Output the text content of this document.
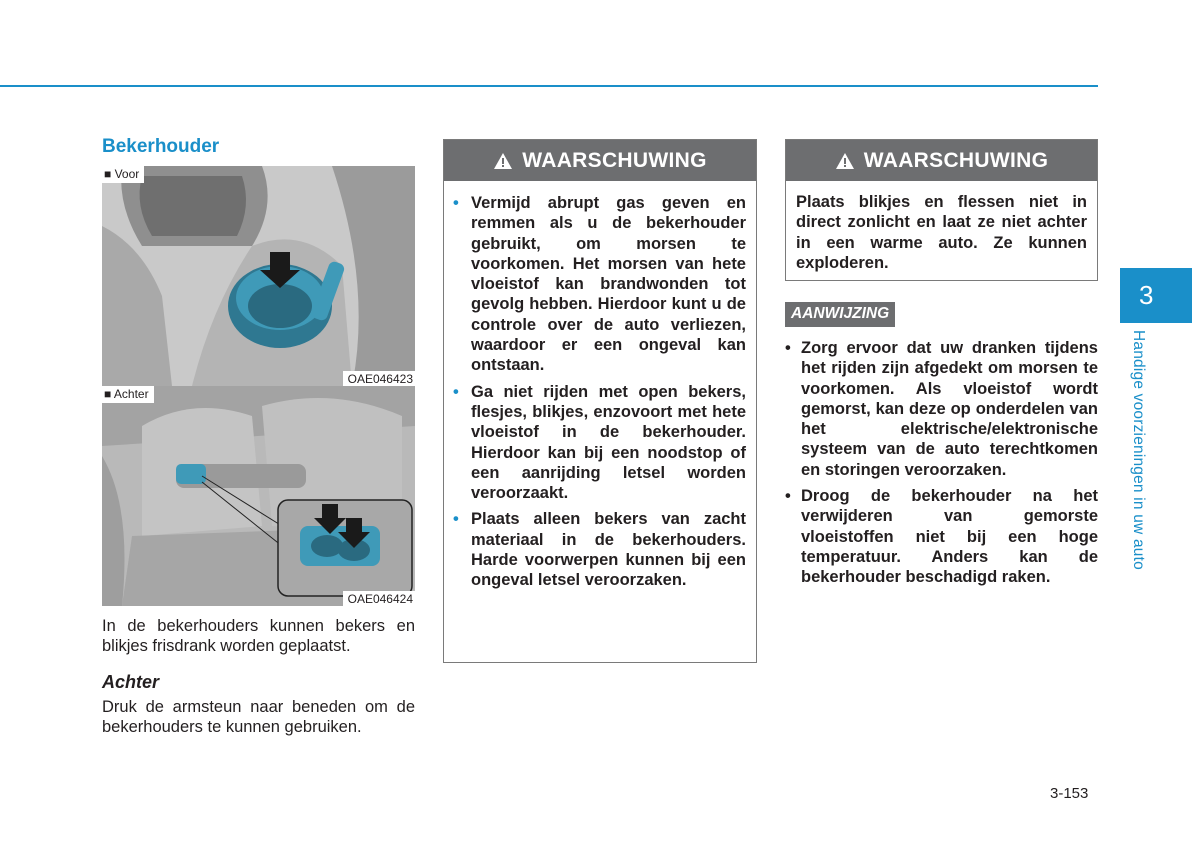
Bekerhouder
■ Voor
OAE046423
■ Achter
OAE046424

In de bekerhouders kunnen bekers en blikjes frisdrank worden geplaatst.

Achter

Druk de armsteun naar beneden om de bekerhouders te kunnen gebruiken.

WAARSCHUWING
• Vermijd abrupt gas geven en remmen als u de bekerhouder gebruikt, om morsen te voorkomen. Het morsen van hete vloeistof kan brandwonden tot gevolg hebben. Hierdoor kunt u de controle over de auto verliezen, waardoor er een ongeval kan ontstaan.
• Ga niet rijden met open bekers, flesjes, blikjes, enzovoort met hete vloeistof in de bekerhouder. Hierdoor kan bij een noodstop of een aanrijding letsel worden veroorzaakt.
• Plaats alleen bekers van zacht materiaal in de bekerhouders. Harde voorwerpen kunnen bij een ongeval letsel veroorzaken.
WAARSCHUWING

Plaats blikjes en flessen niet in direct zonlicht en laat ze niet achter in een warme auto. Ze kunnen exploderen.

AANWIJZING
• Zorg ervoor dat uw dranken tijdens het rijden zijn afgedekt om morsen te voorkomen. Als vloeistof wordt gemorst, kan deze op onderdelen van het elektrische/elektronische systeem van de auto terechtkomen en storingen veroorzaken.
• Droog de bekerhouder na het verwijderen van gemorste vloeistoffen niet bij een hoge temperatuur. Anders kan de bekerhouder beschadigd raken.
3
Handige voorzieningen in uw auto
3-153
